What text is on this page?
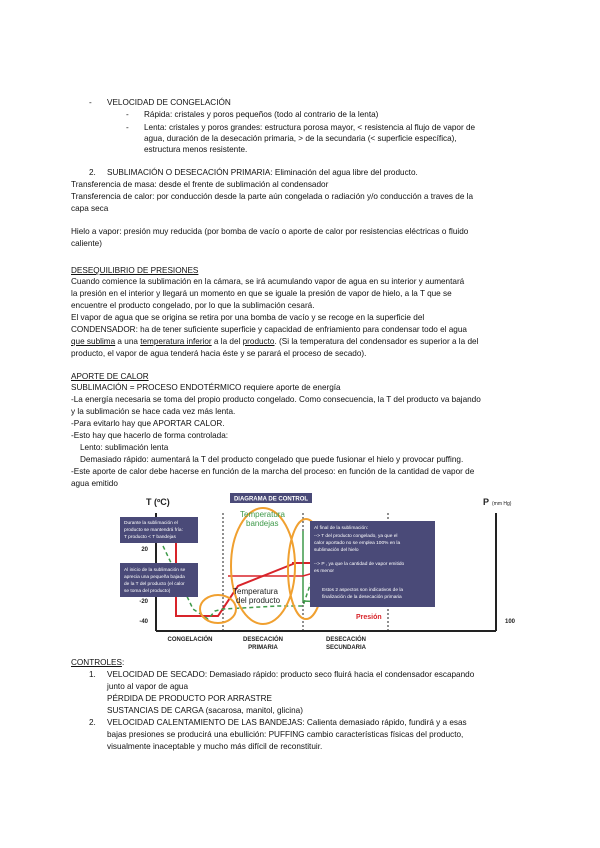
- VELOCIDAD DE CONGELACIÓN
- Rápida: cristales y poros pequeños (todo al contrario de la lenta)
- Lenta: cristales y poros grandes: estructura porosa mayor, < resistencia al flujo de vapor de
agua, duración de la desecación primaria, > de la secundaria (< superficie específica),
estructura menos resistente.
2. SUBLIMACIÓN O DESECACIÓN PRIMARIA: Eliminación del agua libre del producto.
Transferencia de masa: desde el frente de sublimación al condensador
Transferencia de calor: por conducción desde la parte aún congelada o radiación y/o conducción a traves de la
capa seca
Hielo a vapor: presión muy reducida (por bomba de vacío o aporte de calor por resistencias eléctricas o fluido
caliente)
DESEQUILIBRIO DE PRESIONES
Cuando comience la sublimación en la cámara, se irá acumulando vapor de agua en su interior y aumentará
la presión en el interior y llegará un momento en que se iguale la presión de vapor de hielo, a la T que se
encuentre el producto congelado, por lo que la sublimación cesará.
El vapor de agua que se origina se retira por una bomba de vacío y se recoge en la superficie del
CONDENSADOR: ha de tener suficiente superficie y capacidad de enfriamiento para condensar todo el agua
que sublima a una temperatura inferior a la del producto. (Si la temperatura del condensador es superior a la del
producto, el vapor de agua tenderá hacia éste y se parará el proceso de secado).
APORTE DE CALOR
SUBLIMACIÓN = PROCESO ENDOTÉRMICO requiere aporte de energía
-La energía necesaria se toma del propio producto congelado. Como consecuencia, la T del producto va bajando
y la sublimación se hace cada vez más lenta.
-Para evitarlo hay que APORTAR CALOR.
-Esto hay que hacerlo de forma controlada:
Lento: sublimación lenta
Demasiado rápido: aumentará la T del producto congelado que puede fusionar el hielo y provocar puffing.
-Este aporte de calor debe hacerse en función de la marcha del proceso: en función de la cantidad de vapor de
agua emitido
T (ºC)	P (mm Hg)
20
-20
-40	100
CONGELACIÓN	DESECACIÓN
PRIMARIA
DESECACIÓN
SECUNDARIA
Temperatura
bandejas
Temperatura
del producto
Presión
DIAGRAMA DE CONTROL
Durante la sublimación el
producto se mantendrá fría:
T producto < T bandejas
Al inicio de la sublimación se
aprecia una pequeña bajada
de la T del producto (el calor
se toma del producto)
Al final de la sublimación:
--> T del producto congelado, ya que el
calor aportado no se emplea 100% en la
sublimación del hielo
--> P , ya que la cantidad de vapor emitido
es menor
Estos 2 aspectos son indicativos de la
finalización de la desecación primaria
CONTROLES:
1. VELOCIDAD DE SECADO: Demasiado rápido: producto seco fluirá hacia el condensador escapando
junto al vapor de agua
PÉRDIDA DE PRODUCTO POR ARRASTRE
SUSTANCIAS DE CARGA (sacarosa, manitol, glicina)
2. VELOCIDAD CALENTAMIENTO DE LAS BANDEJAS: Calienta demasiado rápido, fundirá y a esas
bajas presiones se producirá una ebullición: PUFFING cambio características físicas del producto,
visualmente inaceptable y mucho más difícil de reconstituir.
